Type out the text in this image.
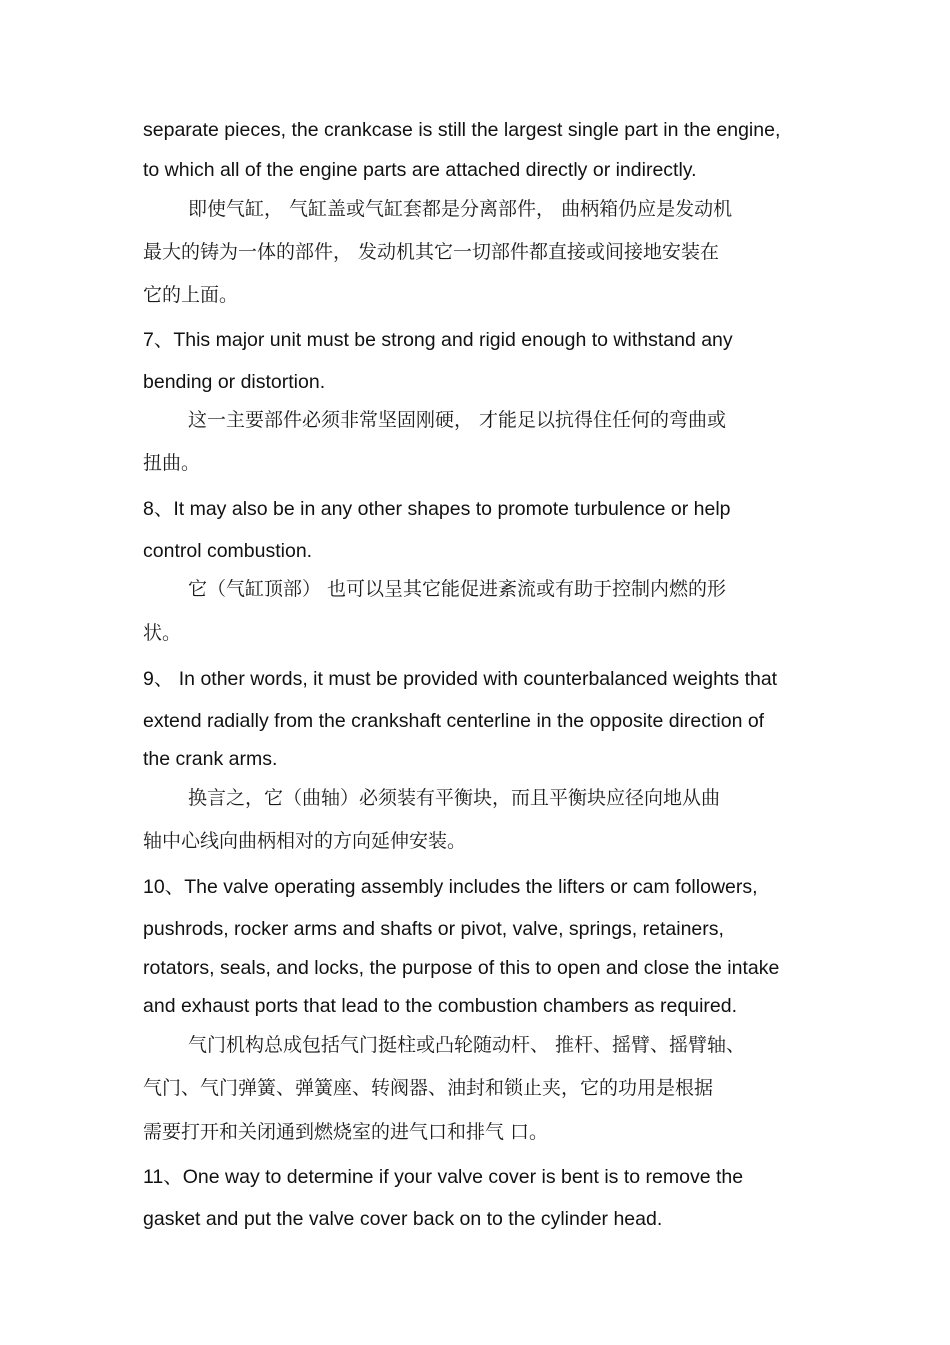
separate pieces, the crankcase is still the largest single part in the engine,
to which all of the engine parts are attached directly or indirectly.
即使气缸， 气缸盖或气缸套都是分离部件， 曲柄箱仍应是发动机
最大的铸为一体的部件， 发动机其它一切部件都直接或间接地安装在
它的上面。
7、This major unit must be strong and rigid enough to withstand any
bending or distortion.
这一主要部件必须非常坚固刚硬， 才能足以抗得住任何的弯曲或
扭曲。
8、It may also be in any other shapes to promote turbulence or help
control combustion.
它（气缸顶部） 也可以呈其它能促进紊流或有助于控制内燃的形
状。
9、 In other words, it must be provided with counterbalanced weights that
extend radially from the crankshaft centerline in the opposite direction of
the crank arms.
换言之，它（曲轴）必须装有平衡块，而且平衡块应径向地从曲
轴中心线向曲柄相对的方向延伸安装。
10、The valve operating assembly includes the lifters or cam followers,
pushrods, rocker arms and shafts or pivot, valve, springs, retainers,
rotators, seals, and locks, the purpose of this to open and close the intake
and exhaust ports that lead to the combustion chambers as required.
气门机构总成包括气门挺柱或凸轮随动杆、 推杆、摇臂、摇臂轴、
气门、气门弹簧、弹簧座、转阀器、油封和锁止夹，它的功用是根据
需要打开和关闭通到燃烧室的进气口和排气 口。
11、One way to determine if your valve cover is bent is to remove the
gasket and put the valve cover back on to the cylinder head.
